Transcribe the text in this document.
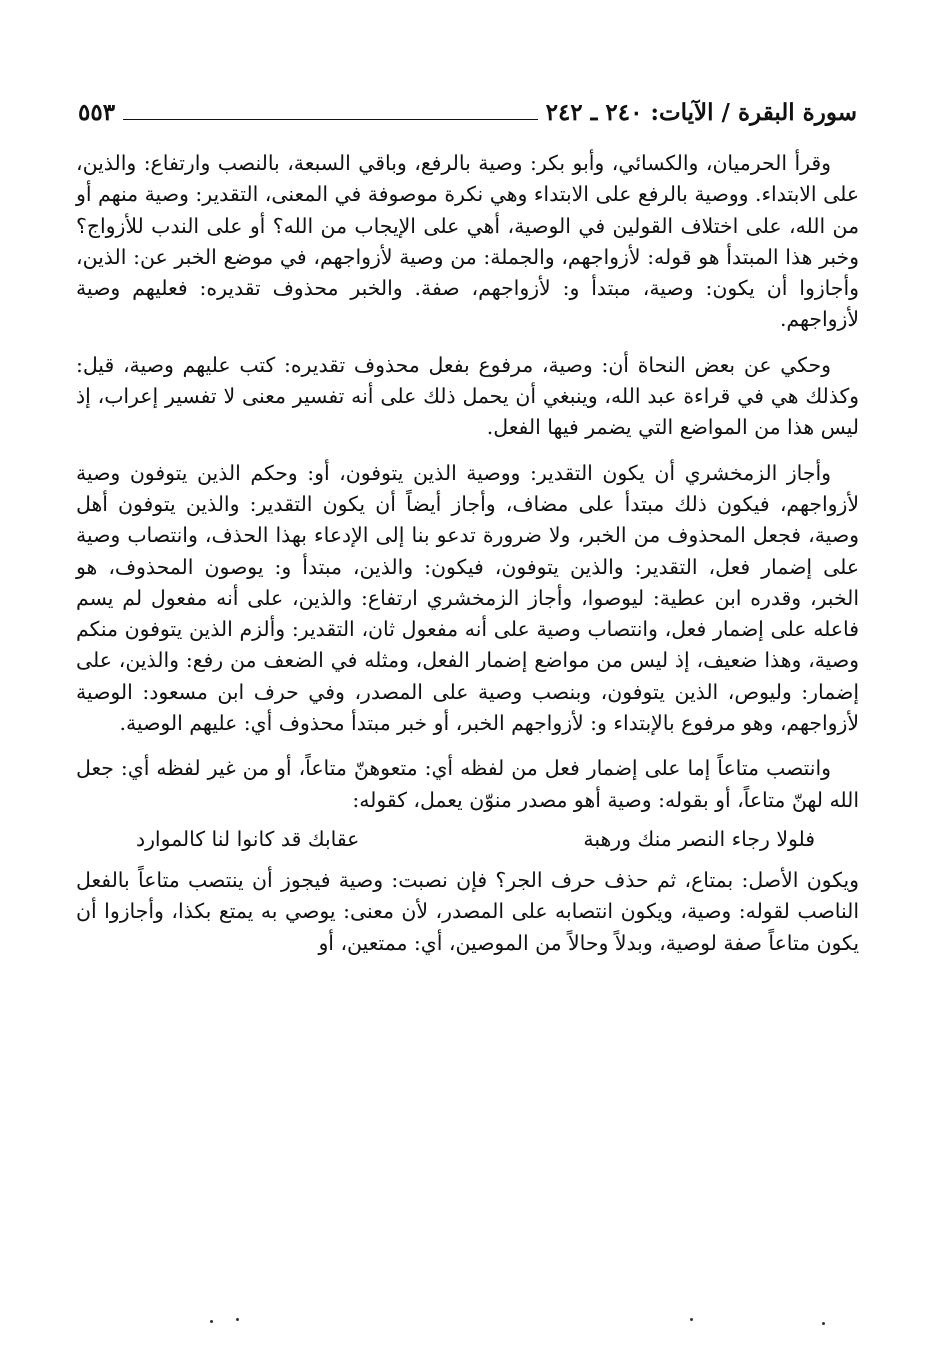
سورة البقرة / الآيات: ٢٤٠ ـ ٢٤٢
٥٥٣

وقرأ الحرميان، والكسائي، وأبو بكر: وصية بالرفع، وباقي السبعة، بالنصب وارتفاع: والذين، على الابتداء. ووصية بالرفع على الابتداء وهي نكرة موصوفة في المعنى، التقدير: وصية منهم أو من الله، على اختلاف القولين في الوصية، أهي على الإيجاب من الله؟ أو على الندب للأزواج؟ وخبر هذا المبتدأ هو قوله: لأزواجهم، والجملة: من وصية لأزواجهم، في موضع الخبر عن: الذين، وأجازوا أن يكون: وصية، مبتدأ و: لأزواجهم، صفة. والخبر محذوف تقديره: فعليهم وصية لأزواجهم.

وحكي عن بعض النحاة أن: وصية، مرفوع بفعل محذوف تقديره: كتب عليهم وصية، قيل: وكذلك هي في قراءة عبد الله، وينبغي أن يحمل ذلك على أنه تفسير معنى لا تفسير إعراب، إذ ليس هذا من المواضع التي يضمر فيها الفعل.

وأجاز الزمخشري أن يكون التقدير: ووصية الذين يتوفون، أو: وحكم الذين يتوفون وصية لأزواجهم، فيكون ذلك مبتدأ على مضاف، وأجاز أيضاً أن يكون التقدير: والذين يتوفون أهل وصية، فجعل المحذوف من الخبر، ولا ضرورة تدعو بنا إلى الإدعاء بهذا الحذف، وانتصاب وصية على إضمار فعل، التقدير: والذين يتوفون، فيكون: والذين، مبتدأ و: يوصون المحذوف، هو الخبر، وقدره ابن عطية: ليوصوا، وأجاز الزمخشري ارتفاع: والذين، على أنه مفعول لم يسم فاعله على إضمار فعل، وانتصاب وصية على أنه مفعول ثان، التقدير: وألزم الذين يتوفون منكم وصية، وهذا ضعيف، إذ ليس من مواضع إضمار الفعل، ومثله في الضعف من رفع: والذين، على إضمار: وليوص، الذين يتوفون، وبنصب وصية على المصدر، وفي حرف ابن مسعود: الوصية لأزواجهم، وهو مرفوع بالإبتداء و: لأزواجهم الخبر، أو خبر مبتدأ محذوف أي: عليهم الوصية.

وانتصب متاعاً إما على إضمار فعل من لفظه أي: متعوهنّ متاعاً، أو من غير لفظه أي: جعل الله لهنّ متاعاً، أو بقوله: وصية أهو مصدر منوّن يعمل، كقوله:

فلولا رجاء النصر منك ورهبة
عقابك قد كانوا لنا كالموارد

ويكون الأصل: بمتاع، ثم حذف حرف الجر؟ فإن نصبت: وصية فيجوز أن ينتصب متاعاً بالفعل الناصب لقوله: وصية، ويكون انتصابه على المصدر، لأن معنى: يوصي به يمتع بكذا، وأجازوا أن يكون متاعاً صفة لوصية، وبدلاً وحالاً من الموصين، أي: ممتعين، أو
